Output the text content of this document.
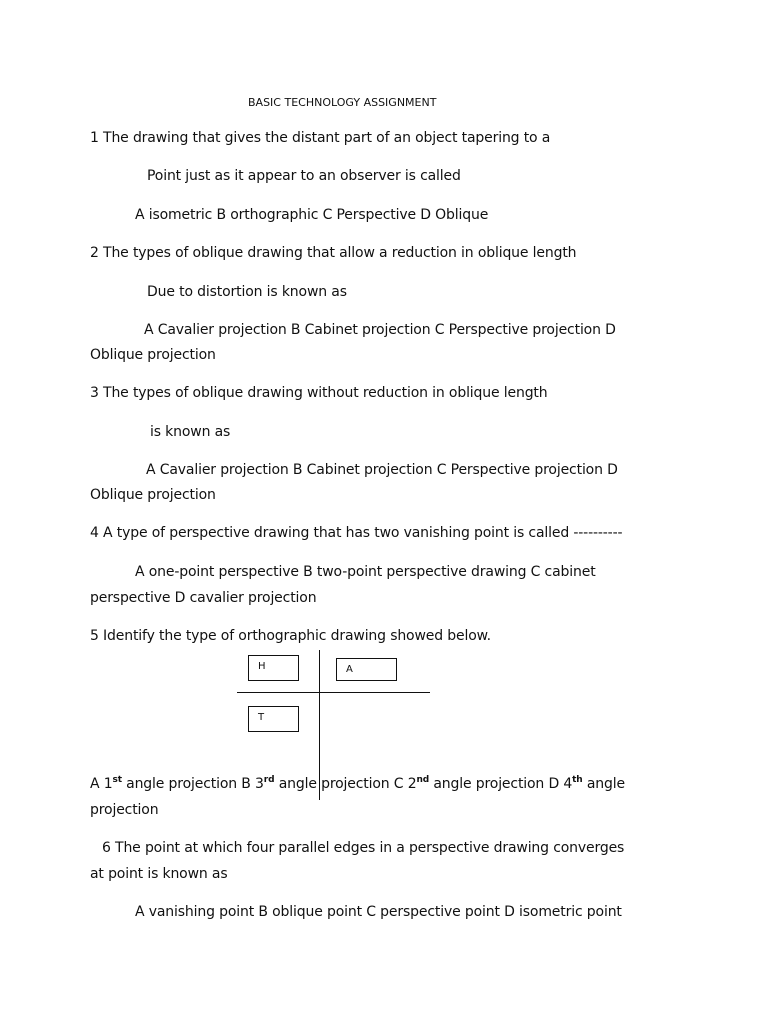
BASIC TECHNOLOGY ASSIGNMENT
1 The drawing that gives the distant part of an object tapering to a
Point just as it appear to an observer is called
A isometric B orthographic C Perspective D Oblique
2 The types of oblique drawing that allow a reduction in oblique length
Due to distortion is known as
A Cavalier projection B Cabinet projection C Perspective projection D
Oblique projection
3 The types of oblique drawing without reduction in oblique length
is known as
A Cavalier projection B Cabinet projection C Perspective projection D
Oblique projection
4 A type of perspective drawing that has two vanishing point is called ----------
A one-point perspective B two-point perspective drawing C cabinet
perspective D cavalier projection
5 Identify the type of orthographic drawing showed below.
H	A
T
A 1st angle projection B 3rd angle projection C 2nd angle projection D 4th angle
projection
6 The point at which four parallel edges in a perspective drawing converges
at point is known as
A vanishing point B oblique point C perspective point D isometric point
